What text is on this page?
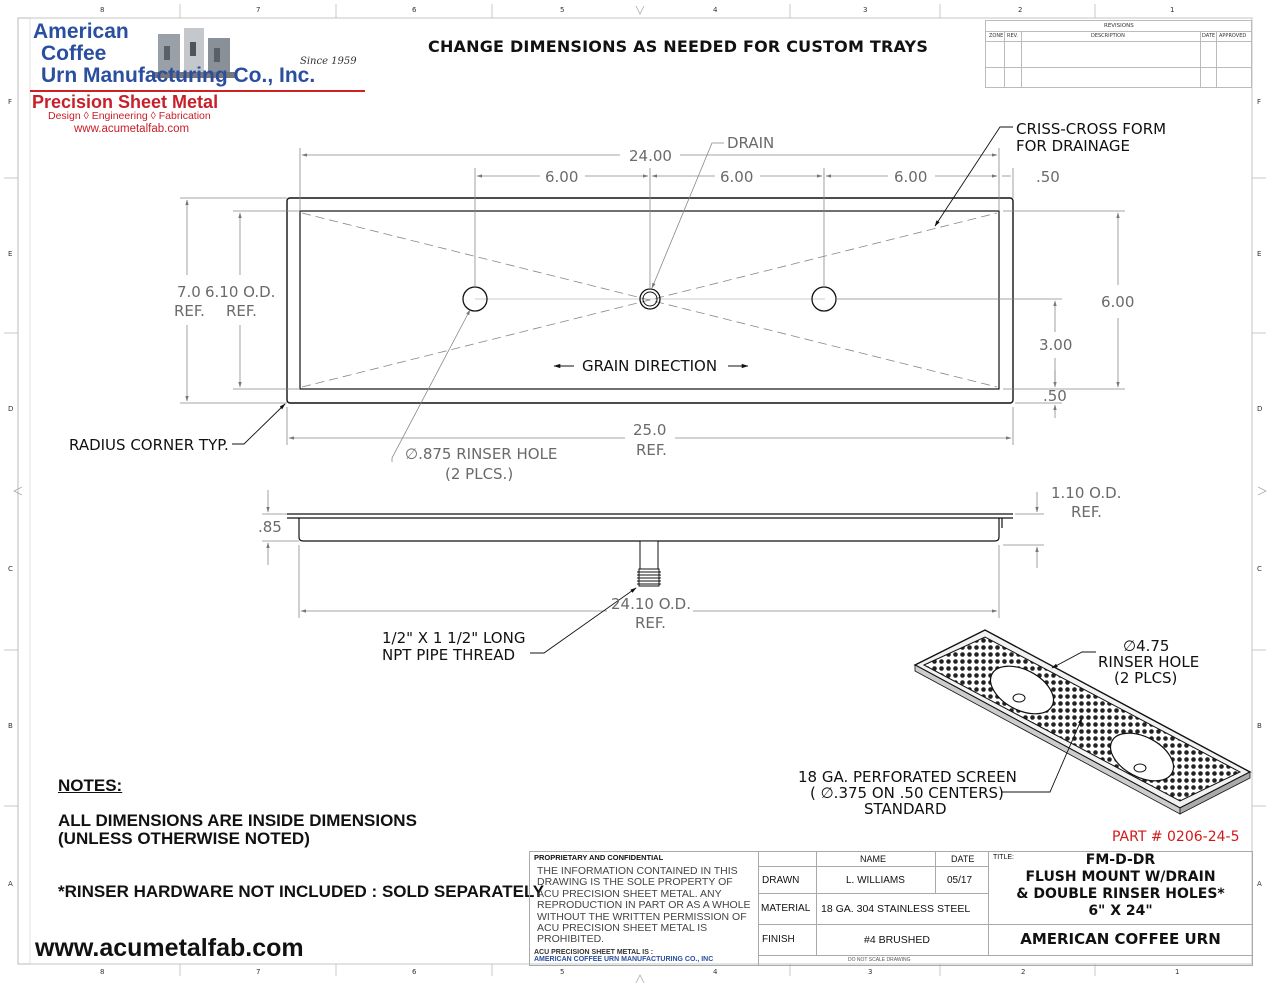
8	7	6	5	4	3	2	1
8	7	6	5	4	3	2	1
F
E
D
C
B
A
F
E
D
C
B
A
American
Coffee
Urn Manufacturing Co., Inc.
Since 1959
Precision Sheet Metal
Design ◊ Engineering ◊ Fabrication
www.acumetalfab.com
CHANGE DIMENSIONS AS NEEDED FOR CUSTOM TRAYS
REVISIONS
ZONE REV.	DESCRIPTION	DATE APPROVED
DRAIN
24.00
6.00	6.00	6.00	.50
CRISS-CROSS FORM
FOR DRAINAGE
7.0
REF.
6.10 O.D.
REF.	6.00
3.00
.50
GRAIN DIRECTION
RADIUS CORNER TYP.
25.0
REF.
∅.875 RINSER HOLE
(2 PLCS.)
.85
1.10 O.D.
REF.
24.10 O.D.
REF.
1/2" X 1 1/2" LONG
NPT PIPE THREAD	∅4.75
RINSER HOLE
(2 PLCS)
18 GA. PERFORATED SCREEN
( ∅.375 ON .50 CENTERS)
STANDARD
NOTES:
ALL DIMENSIONS ARE INSIDE DIMENSIONS
(UNLESS OTHERWISE NOTED)
*RINSER HARDWARE NOT INCLUDED : SOLD SEPARATELY
www.acumetalfab.com
PART # 0206-24-5
PROPRIETARY AND CONFIDENTIAL
THE INFORMATION CONTAINED IN THIS DRAWING IS THE SOLE PROPERTY OF ACU PRECISION SHEET METAL. ANY REPRODUCTION IN PART OR AS A WHOLE WITHOUT THE WRITTEN PERMISSION OF ACU PRECISION SHEET METAL IS PROHIBITED.
ACU PRECISION SHEET METAL IS :
AMERICAN COFFEE URN MANUFACTURING CO., INC
NAME	DATE	TITLE:
DRAWN	L. WILLIAMS	05/17
MATERIAL 18 GA. 304 STAINLESS STEEL
FINISH	#4 BRUSHED
DO NOT SCALE DRAWING
FM-D-DR
FLUSH MOUNT W/DRAIN
& DOUBLE RINSER HOLES*
6" X 24"
AMERICAN COFFEE URN
